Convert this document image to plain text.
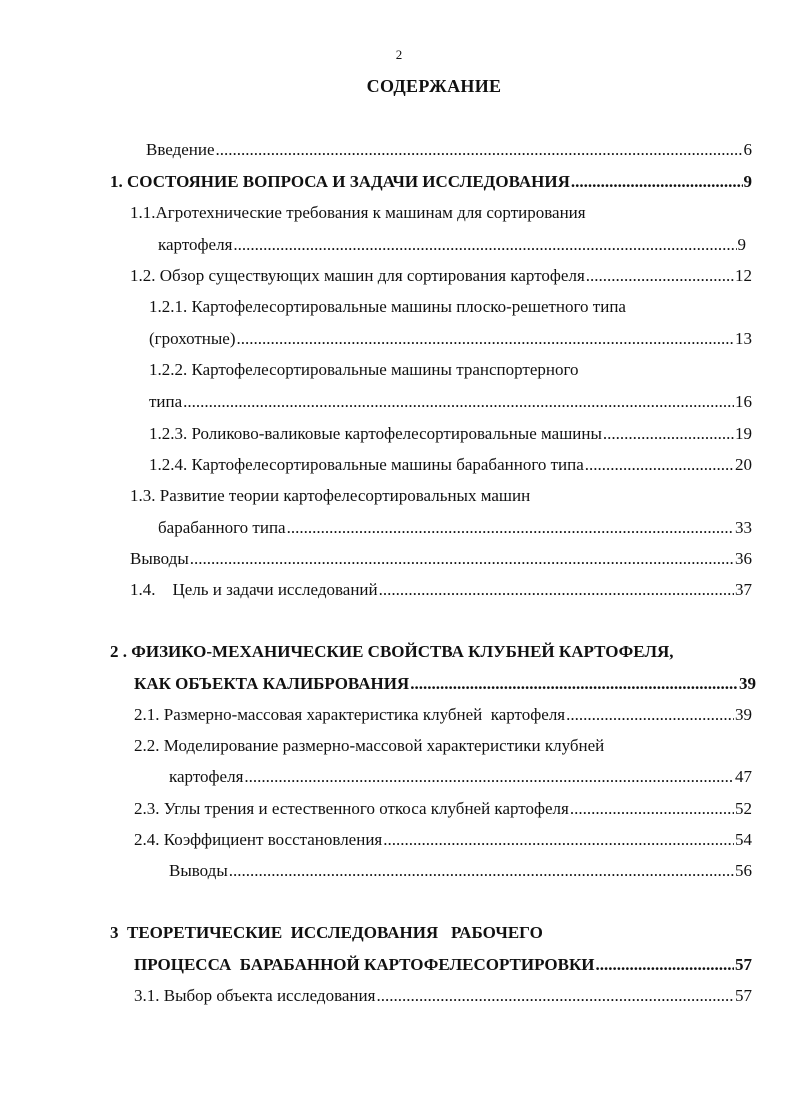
2
СОДЕРЖАНИЕ
Введение .....	6
1. СОСТОЯНИЕ ВОПРОСА И ЗАДАЧИ ИССЛЕДОВАНИЯ .....	9
1.1.Агротехнические требования к машинам для сортирования
картофеля .....	9
1.2. Обзор существующих машин для сортирования картофеля .....	12
1.2.1. Картофелесортировальные машины плоско-решетного типа
(грохотные) .....	13
1.2.2. Картофелесортировальные машины транспортерного
типа .....	16
1.2.3. Роликово-валиковые картофелесортировальные машины .....	19
1.2.4. Картофелесортировальные машины барабанного типа .....	20
1.3. Развитие теории картофелесортировальных машин
барабанного типа .....	33
Выводы .....	36
1.4.    Цель и задачи исследований .....	37
2 . ФИЗИКО-МЕХАНИЧЕСКИЕ СВОЙСТВА КЛУБНЕЙ КАРТОФЕЛЯ,
КАК ОБЪЕКТА КАЛИБРОВАНИЯ .....	39
2.1. Размерно-массовая характеристика клубней  картофеля .....	39
2.2. Моделирование размерно-массовой характеристики клубней
картофеля .....	47
2.3. Углы трения и естественного откоса клубней картофеля .....	52
2.4. Коэффициент восстановления .....	54
Выводы .....	56
3  ТЕОРЕТИЧЕСКИЕ  ИССЛЕДОВАНИЯ   РАБОЧЕГО
ПРОЦЕССА  БАРАБАННОЙ КАРТОФЕЛЕСОРТИРОВКИ .....	57
3.1. Выбор объекта исследования .....	57
